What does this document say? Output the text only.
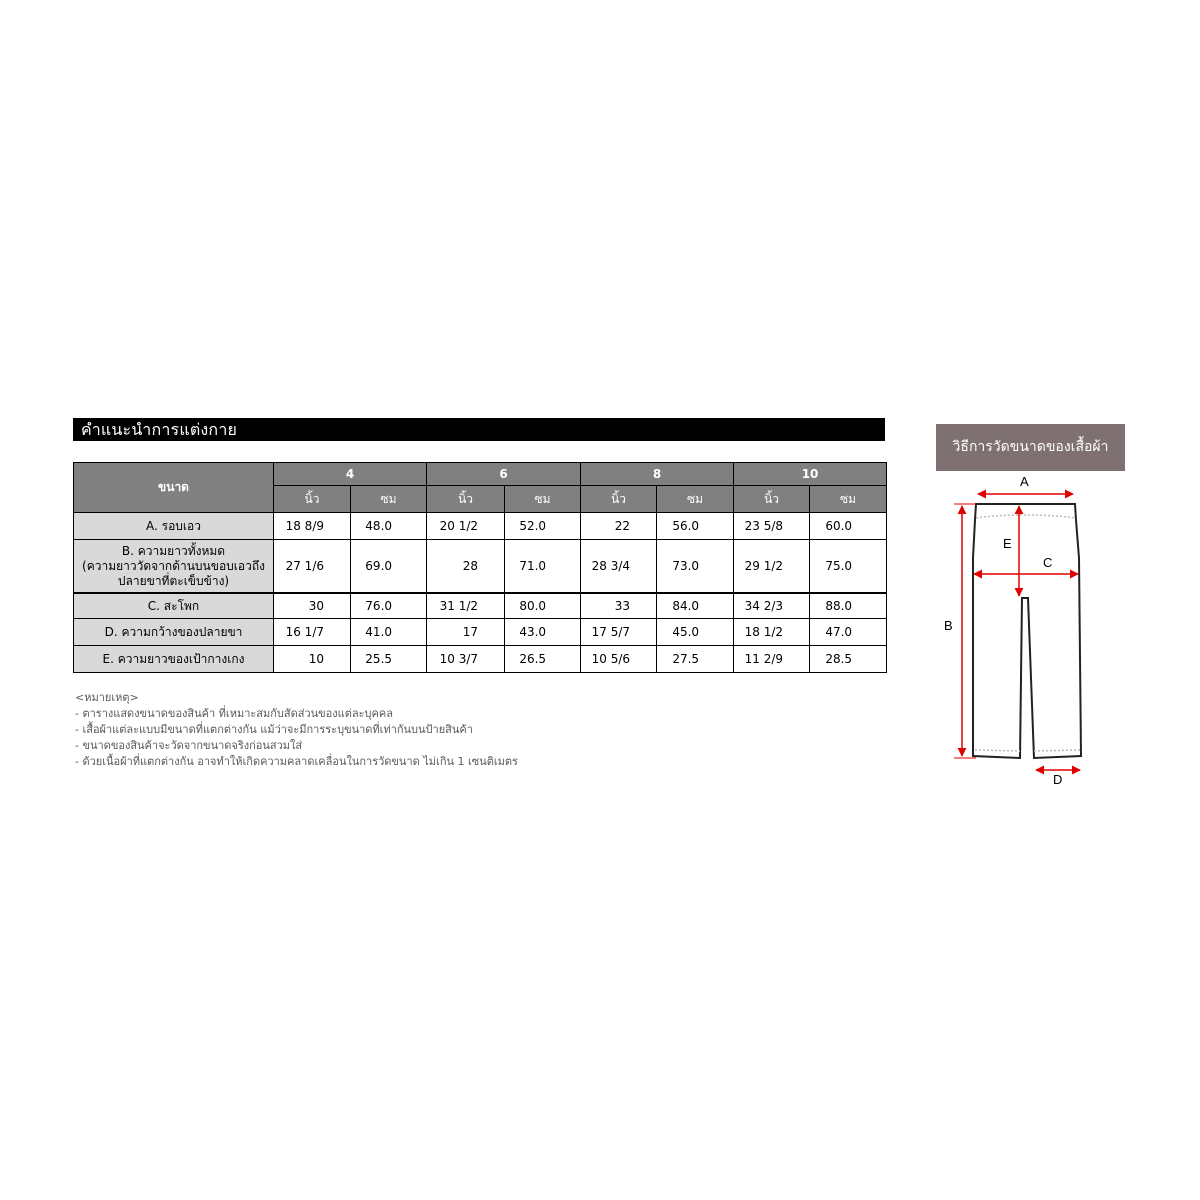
คำแนะนำการแต่งกาย
ขนาด	4		6		8		10	
	นิ้ว	ซม	นิ้ว	ซม	นิ้ว	ซม	นิ้ว	ซม
A. รอบเอว	18 8/9	48.0	20 1/2	52.0	22	56.0	23 5/8	60.0

B. ความยาวทั้งหมด
(ความยาววัดจากด้านบนขอบเอวถึง
ปลายขาที่ตะเข็บข้าง)	27 1/6	69.0	28	71.0	28 3/4	73.0	29 1/2	75.0
C. สะโพก	30	76.0	31 1/2	80.0	33	84.0	34 2/3	88.0
D. ความกว้างของปลายขา	16 1/7	41.0	17	43.0	17 5/7	45.0	18 1/2	47.0
E. ความยาวของเป้ากางเกง	10	25.5	10 3/7	26.5	10 5/6	27.5	11 2/9	28.5
<หมายเหตุ>
- ตารางแสดงขนาดของสินค้า ที่เหมาะสมกับสัดส่วนของแต่ละบุคคล
- เสื้อผ้าแต่ละแบบมีขนาดที่แตกต่างกัน แม้ว่าจะมีการระบุขนาดที่เท่ากันบนป้ายสินค้า
- ขนาดของสินค้าจะวัดจากขนาดจริงก่อนสวมใส่
- ด้วยเนื้อผ้าที่แตกต่างกัน อาจทำให้เกิดความคลาดเคลื่อนในการวัดขนาด ไม่เกิน 1 เซนติเมตร
วิธีการวัดขนาดของเสื้อผ้า
A
B
C
E
D
